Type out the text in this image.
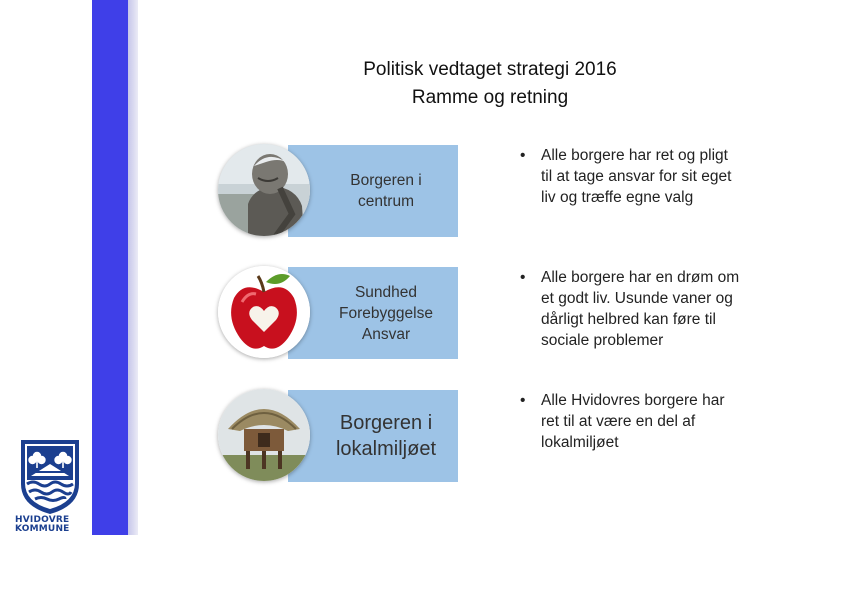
HVIDOVRE
KOMMUNE
Politisk vedtaget strategi 2016
Ramme og retning
Borgeren i
centrum
• Alle borgere har ret og pligt
til at tage ansvar for sit eget
liv og træffe egne valg
Sundhed
Forebyggelse
Ansvar
• Alle borgere har en drøm om
et godt liv. Usunde vaner og
dårligt helbred kan føre til
sociale problemer
Borgeren i
lokalmiljøet
• Alle Hvidovres borgere har
ret til at være en del af
lokalmiljøet
